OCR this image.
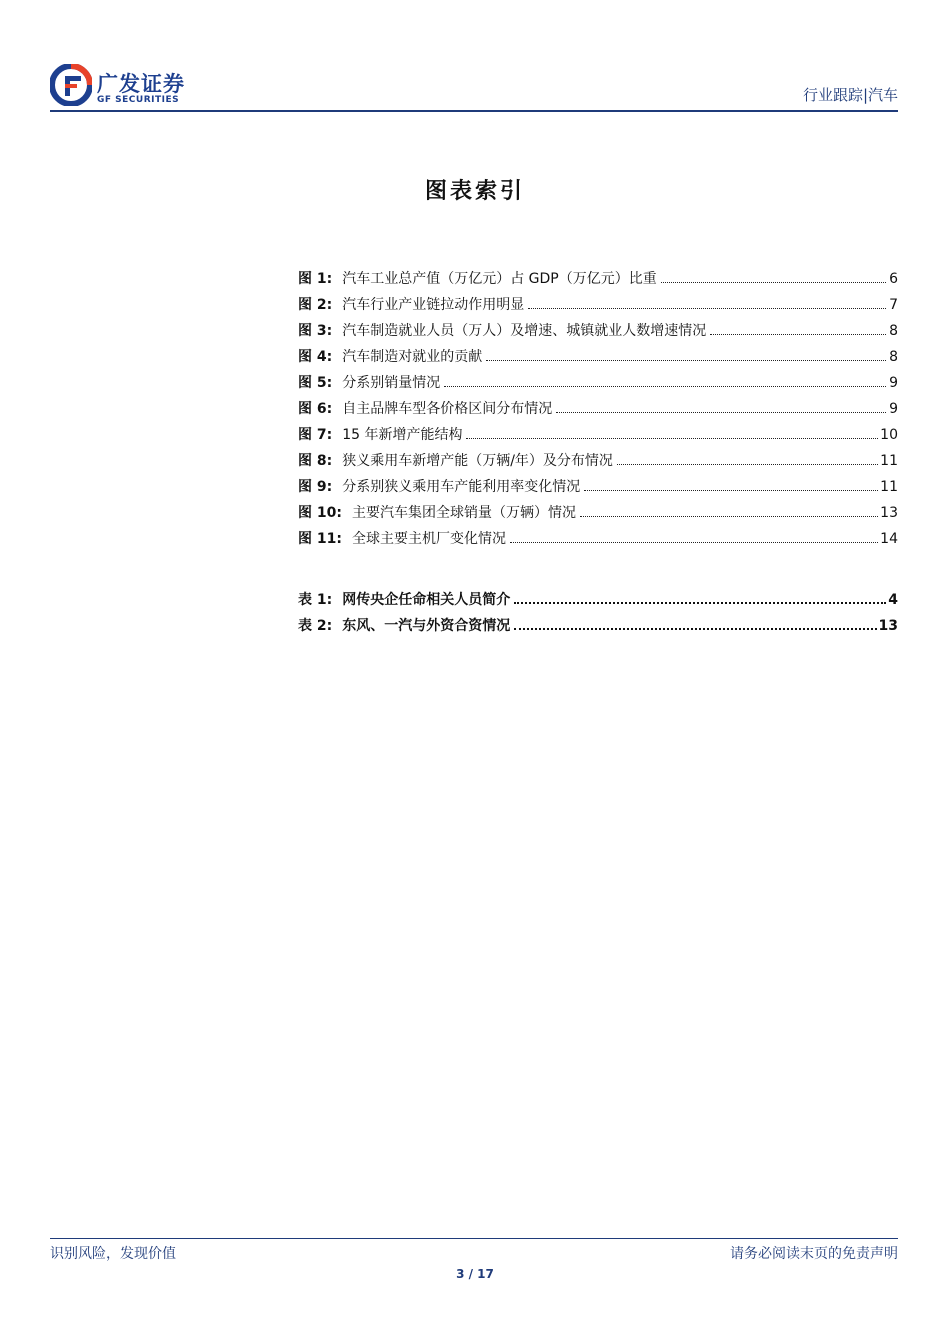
广发证券
GF SECURITIES	行业跟踪|汽车
图表索引
图 1: 汽车工业总产值（万亿元）占 GDP（万亿元）比重	6
图 2: 汽车行业产业链拉动作用明显	7
图 3: 汽车制造就业人员（万人）及增速、城镇就业人数增速情况	8
图 4: 汽车制造对就业的贡献	8
图 5: 分系别销量情况	9
图 6: 自主品牌车型各价格区间分布情况	9
图 7: 15 年新增产能结构	10
图 8: 狭义乘用车新增产能（万辆/年）及分布情况	11
图 9: 分系别狭义乘用车产能利用率变化情况	11
图 10: 主要汽车集团全球销量（万辆）情况	13
图 11: 全球主要主机厂变化情况	14
表 1: 网传央企任命相关人员简介	4
表 2: 东风、一汽与外资合资情况	13
识别风险，发现价值	请务必阅读末页的免责声明
3 / 17
